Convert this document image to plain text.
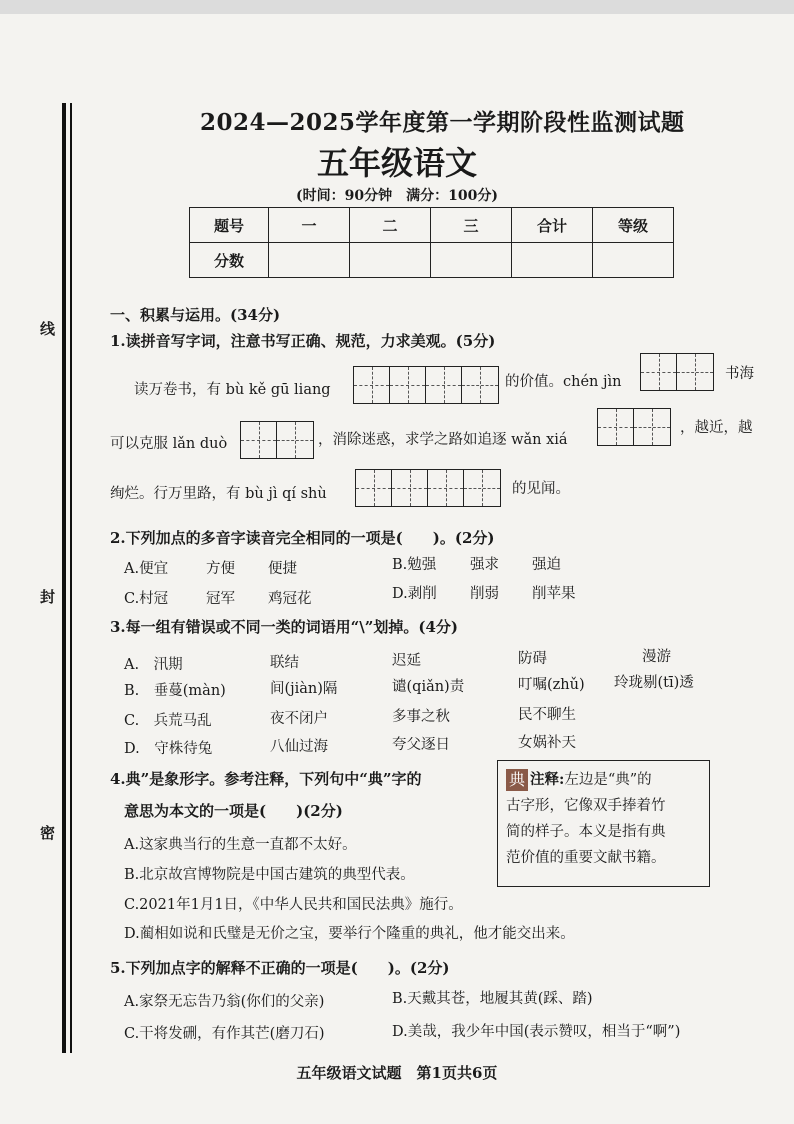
线
封
密
2024—2025学年度第一学期阶段性监测试题
五年级语文
(时间：90分钟　满分：100分)
题号	一	二	三	合计	等级
分数					
一、积累与运用。(34分)
1.读拼音写字词，注意书写正确、规范，力求美观。(5分)
读万卷书，有 bù kě gū liang	的价值。chén jìn	书海
可以克服 lǎn duò	，消除迷惑，求学之路如追逐 wǎn xiá
，越近，越
绚烂。行万里路，有 bù jì qí shù	的见闻。
2.下列加点的多音字读音完全相同的一项是(　　)。(2分)
A.便宜	方便 便捷	B.勉强 强求 强迫
C.村冠	冠军 鸡冠花	D.剥削 削弱 削苹果
3.每一组有错误或不同一类的词语用“\”划掉。(4分)
A.　汛期	联结	迟延	防碍	漫游
B.　垂蔓(màn)	间(jiàn)隔	谴(qiǎn)责	叮嘱(zhǔ) 玲珑剔(tī)透
C.　兵荒马乱	夜不闭户	多事之秋	民不聊生
D.　守株待兔	八仙过海	夸父逐日	女娲补天
4.典”是象形字。参考注释，下列句中“典”字的
意思为本文的一项是(　　)(2分)
A.这家典当行的生意一直都不太好。
B.北京故宫博物院是中国古建筑的典型代表。
C.2021年1月1日，《中华人民共和国民法典》施行。
D.蔺相如说和氏璧是无价之宝，要举行个隆重的典礼，他才能交出来。
典 注释:左边是“典”的
古字形，它像双手捧着竹
简的样子。本义是指有典
范价值的重要文献书籍。
5.下列加点字的解释不正确的一项是(　　)。(2分)
A.家祭无忘告乃翁(你们的父亲)	B.天戴其苍，地履其黄(踩、踏)
C.干将发硎，有作其芒(磨刀石)	D.美哉，我少年中国(表示赞叹，相当于“啊”)
五年级语文试题　第1页共6页
